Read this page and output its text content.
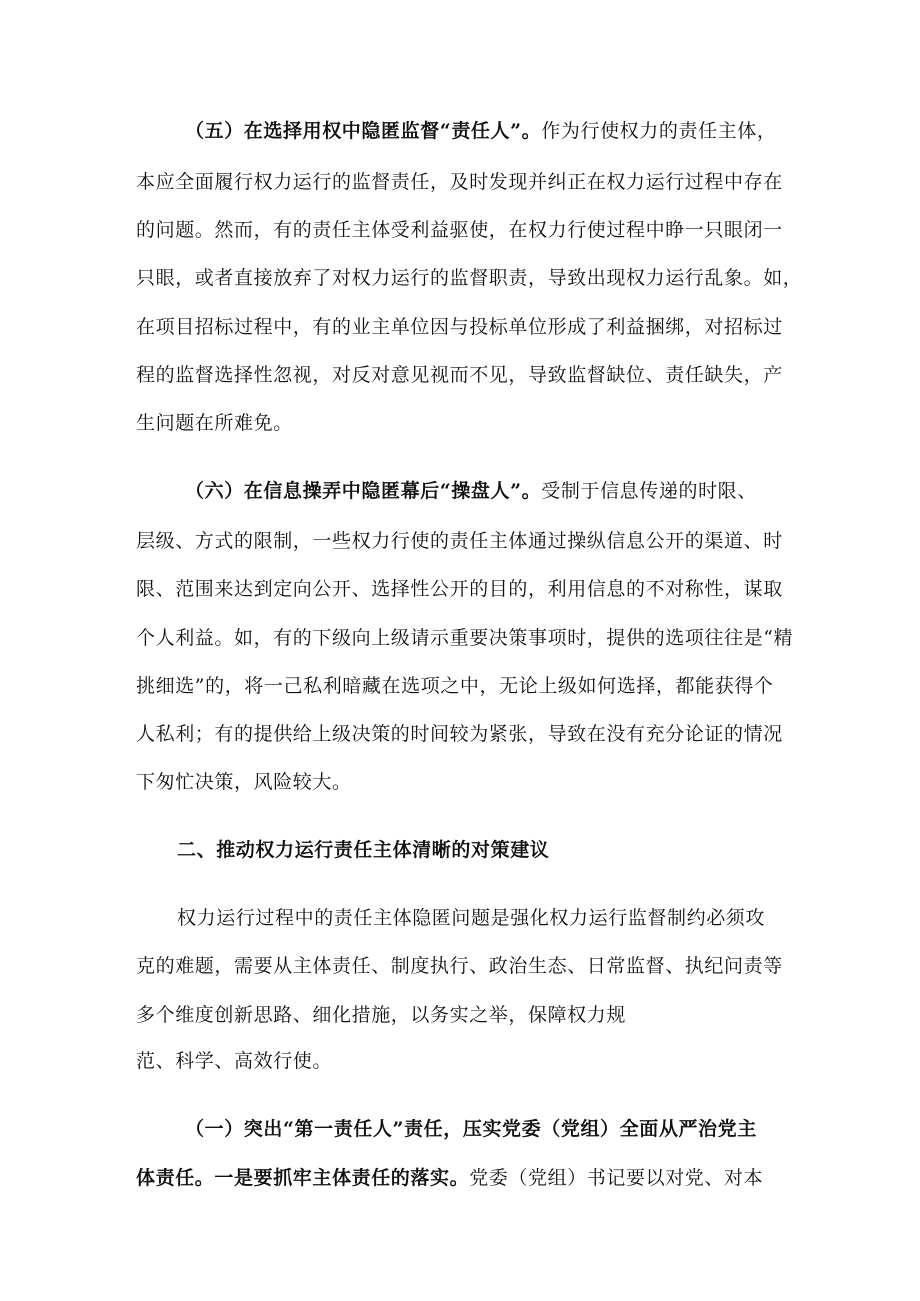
（五）在选择用权中隐匿监督“责任人”。作为行使权力的责任主体，
本应全面履行权力运行的监督责任，及时发现并纠正在权力运行过程中存在
的问题。然而，有的责任主体受利益驱使，在权力行使过程中睁一只眼闭一
只眼，或者直接放弃了对权力运行的监督职责，导致出现权力运行乱象。如，
在项目招标过程中，有的业主单位因与投标单位形成了利益捆绑，对招标过
程的监督选择性忽视，对反对意见视而不见，导致监督缺位、责任缺失，产
生问题在所难免。
（六）在信息操弄中隐匿幕后“操盘人”。受制于信息传递的时限、
层级、方式的限制，一些权力行使的责任主体通过操纵信息公开的渠道、时
限、范围来达到定向公开、选择性公开的目的，利用信息的不对称性，谋取
个人利益。如，有的下级向上级请示重要决策事项时，提供的选项往往是“精
挑细选”的，将一己私利暗藏在选项之中，无论上级如何选择，都能获得个
人私利；有的提供给上级决策的时间较为紧张，导致在没有充分论证的情况
下匆忙决策，风险较大。
二、推动权力运行责任主体清晰的对策建议
权力运行过程中的责任主体隐匿问题是强化权力运行监督制约必须攻
克的难题，需要从主体责任、制度执行、政治生态、日常监督、执纪问责等
多个维度创新思路、细化措施，以务实之举，保障权力规
范、科学、高效行使。
（一）突出“第一责任人”责任，压实党委（党组）全面从严治党主
体责任。一是要抓牢主体责任的落实。党委（党组）书记要以对党、对本
